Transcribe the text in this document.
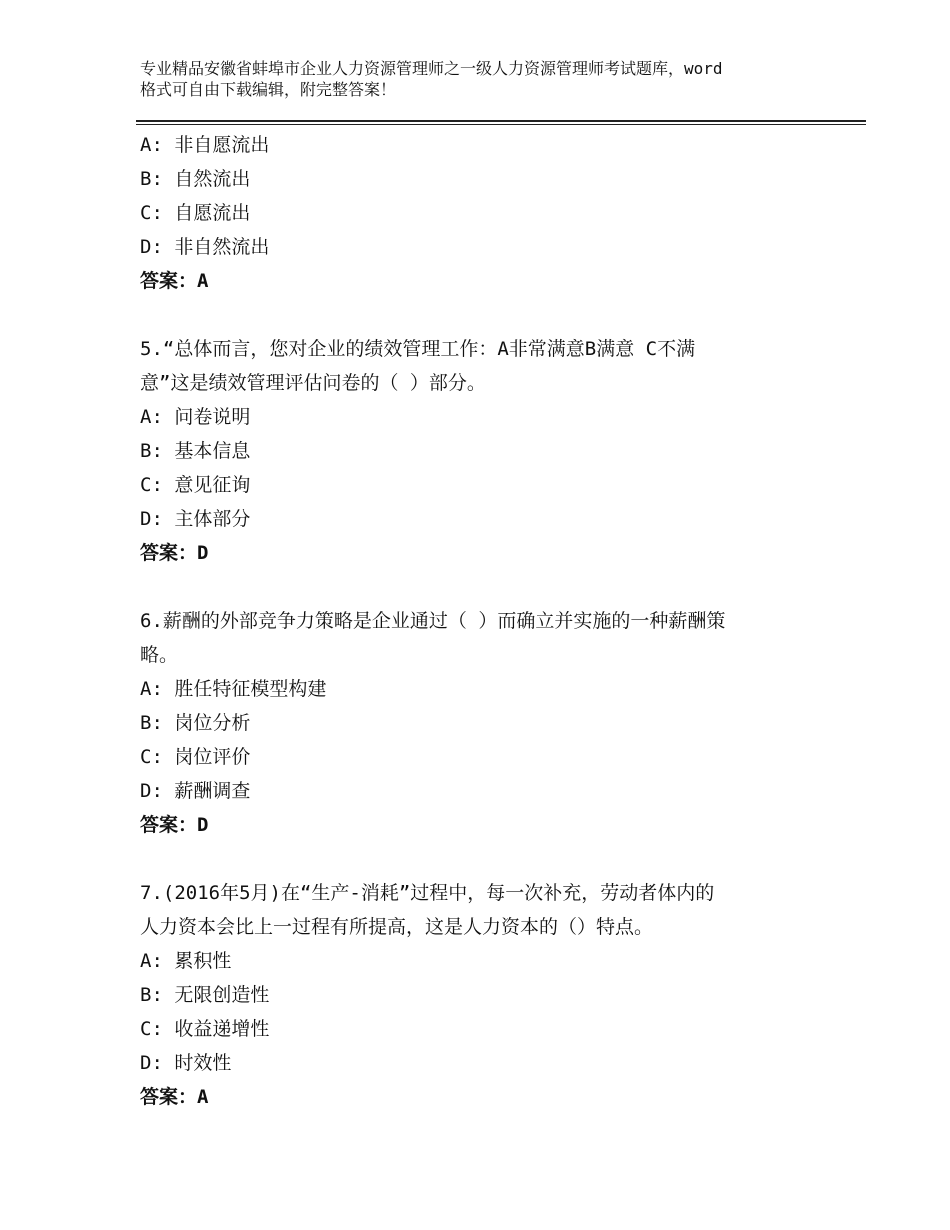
专业精品安徽省蚌埠市企业人力资源管理师之一级人力资源管理师考试题库，word
格式可自由下载编辑，附完整答案！
A: 非自愿流出
B: 自然流出
C: 自愿流出
D: 非自然流出
答案：A
5.“总体而言，您对企业的绩效管理工作：A非常满意B满意 C不满
意”这是绩效管理评估问卷的（ ）部分。
A: 问卷说明
B: 基本信息
C: 意见征询
D: 主体部分
答案：D
6.薪酬的外部竞争力策略是企业通过（ ）而确立并实施的一种薪酬策
略。
A: 胜任特征模型构建
B: 岗位分析
C: 岗位评价
D: 薪酬调查
答案：D
7.(2016年5月)在“生产-消耗”过程中，每一次补充，劳动者体内的
人力资本会比上一过程有所提高，这是人力资本的（）特点。
A: 累积性
B: 无限创造性
C: 收益递增性
D: 时效性
答案：A
